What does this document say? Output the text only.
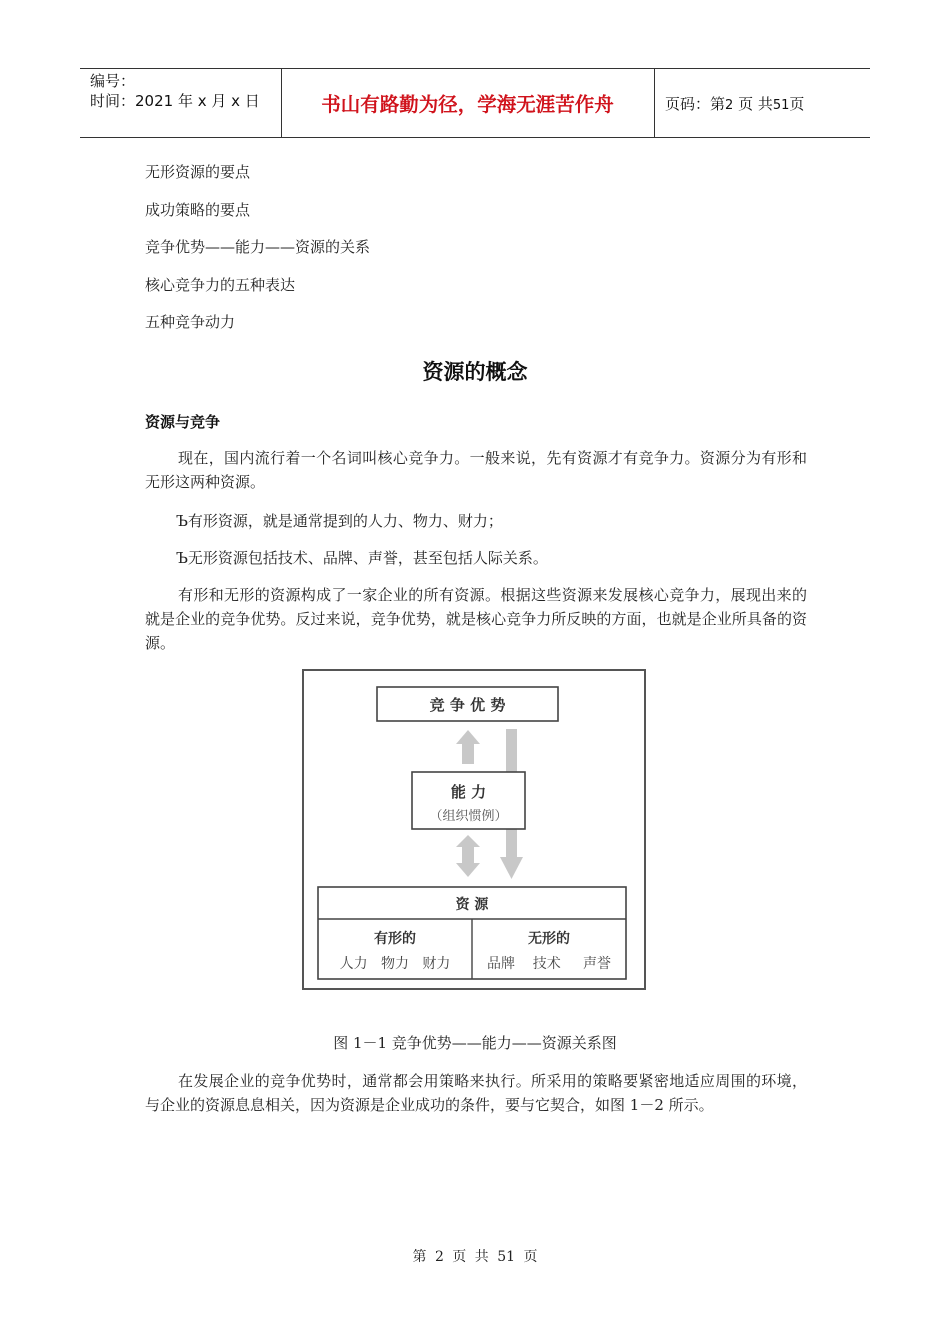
编号：
时间：2021 年 x 月 x 日	书山有路勤为径，学海无涯苦作舟	页码：第2 页 共51页
无形资源的要点
成功策略的要点
竞争优势——能力——资源的关系
核心竞争力的五种表达
五种竞争动力
资源的概念
资源与竞争

现在，国内流行着一个名词叫核心竞争力。一般来说，先有资源才有竞争力。资源分为有形和无形这两种资源。

Ъ有形资源，就是通常提到的人力、物力、财力；
Ъ无形资源包括技术、品牌、声誉，甚至包括人际关系。

有形和无形的资源构成了一家企业的所有资源。根据这些资源来发展核心竞争力，展现出来的就是企业的竞争优势。反过来说，竞争优势，就是核心竞争力所反映的方面，也就是企业所具备的资源。

竞 争 优 势
能 力
（组织惯例）
资 源
有形的
人力   物力   财力
无形的
品牌    技术     声誉
图 1－1 竞争优势——能力——资源关系图

在发展企业的竞争优势时，通常都会用策略来执行。所采用的策略要紧密地适应周围的环境，与企业的资源息息相关，因为资源是企业成功的条件，要与它契合，如图 1－2 所示。

第 2 页 共 51 页
